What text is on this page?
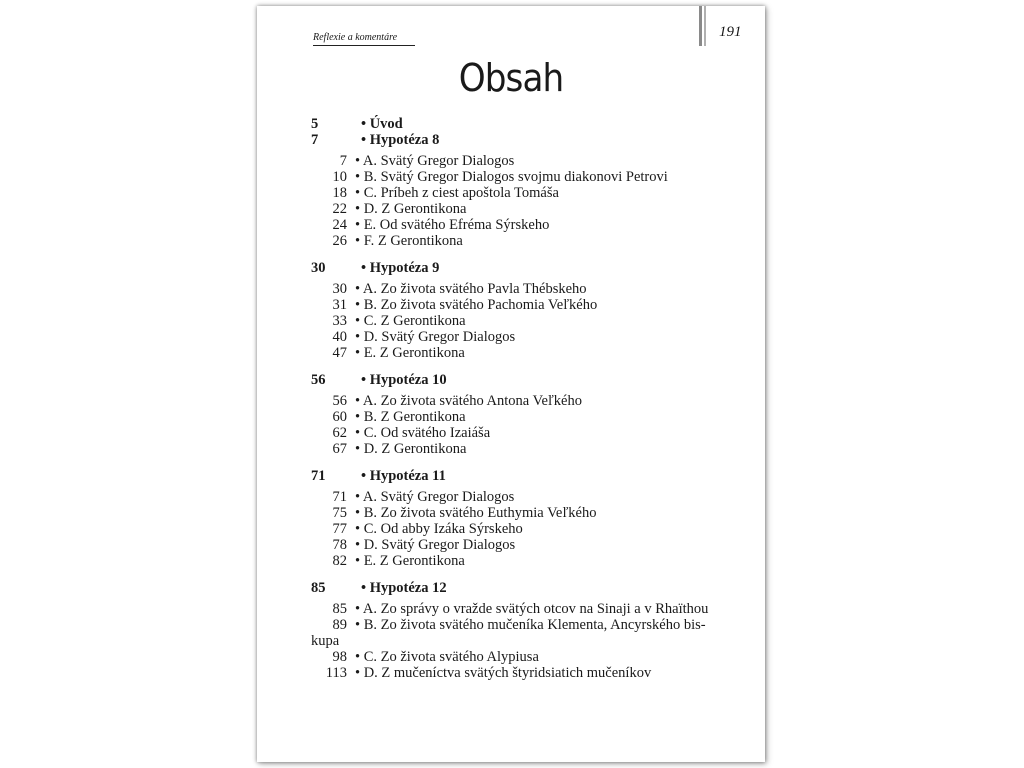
Reflexie a komentáre	191
Obsah
5	• Úvod
7	• Hypotéza 8
7 • A. Svätý Gregor Dialogos
10 • B. Svätý Gregor Dialogos svojmu diakonovi Petrovi
18 • C. Príbeh z ciest apoštola Tomáša
22 • D. Z Gerontikona
24 • E. Od svätého Efréma Sýrskeho
26 • F. Z Gerontikona
30	• Hypotéza 9
30 • A. Zo života svätého Pavla Thébskeho
31 • B. Zo života svätého Pachomia Veľkého
33 • C. Z Gerontikona
40 • D. Svätý Gregor Dialogos
47 • E. Z Gerontikona
56	• Hypotéza 10
56 • A. Zo života svätého Antona Veľkého
60 • B. Z Gerontikona
62 • C. Od svätého Izaiáša
67 • D. Z Gerontikona
71	• Hypotéza 11
71 • A. Svätý Gregor Dialogos
75 • B. Zo života svätého Euthymia Veľkého
77 • C. Od abby Izáka Sýrskeho
78 • D. Svätý Gregor Dialogos
82 • E. Z Gerontikona
85	• Hypotéza 12
85 • A. Zo správy o vražde svätých otcov na Sinaji a v Rhaïthou
89 • B. Zo života svätého mučeníka Klementa, Ancyrského bis-
kupa
98 • C. Zo života svätého Alypiusa
113 • D. Z mučeníctva svätých štyridsiatich mučeníkov
